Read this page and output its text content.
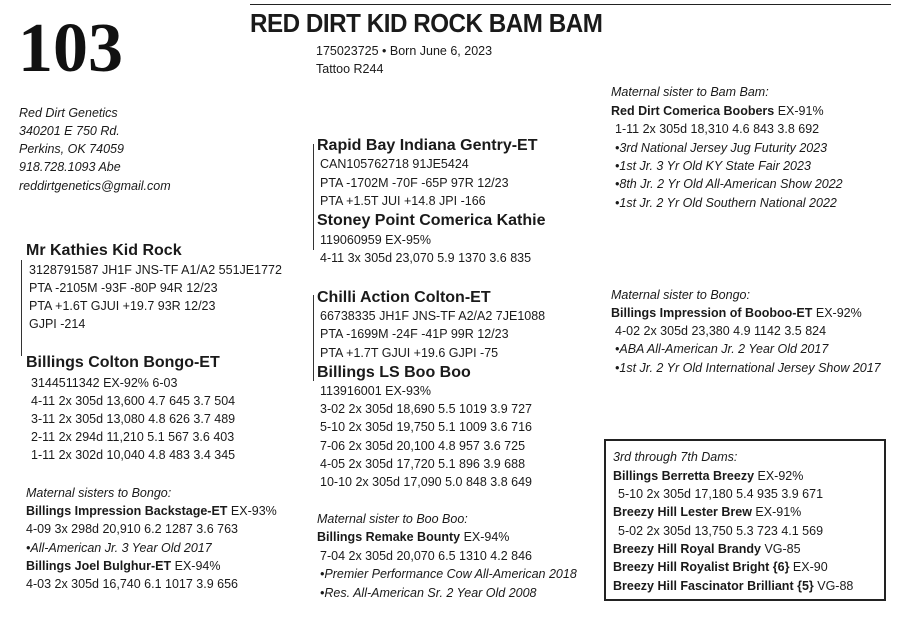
103	RED DIRT KID ROCK BAM BAM
175023725 • Born June 6, 2023
Tattoo R244
Red Dirt Genetics
340201 E 750 Rd.
Perkins, OK 74059
918.728.1093 Abe
reddirtgenetics@gmail.com
Mr Kathies Kid Rock
3128791587 JH1F JNS-TF A1/A2 551JE1772
PTA -2105M -93F -80P 94R 12/23
PTA +1.6T GJUI +19.7 93R 12/23
GJPI -214
Billings Colton Bongo-ET
3144511342 EX-92% 6-03
4-11 2x 305d 13,600 4.7 645 3.7 504
3-11 2x 305d 13,080 4.8 626 3.7 489
2-11 2x 294d 11,210 5.1 567 3.6 403
1-11 2x 302d 10,040 4.8 483 3.4 345
Maternal sisters to Bongo:
Billings Impression Backstage-ET EX-93%
4-09 3x 298d 20,910 6.2 1287 3.6 763
•All-American Jr. 3 Year Old 2017
Billings Joel Bulghur-ET EX-94%
4-03 2x 305d 16,740 6.1 1017 3.9 656
Rapid Bay Indiana Gentry-ET
CAN105762718 91JE5424
PTA -1702M -70F -65P 97R 12/23
PTA +1.5T JUI +14.8 JPI -166
Stoney Point Comerica Kathie
119060959 EX-95%
4-11 3x 305d 23,070 5.9 1370 3.6 835
Chilli Action Colton-ET
66738335 JH1F JNS-TF A2/A2 7JE1088
PTA -1699M -24F -41P 99R 12/23
PTA +1.7T GJUI +19.6 GJPI -75
Billings LS Boo Boo
113916001 EX-93%
3-02 2x 305d 18,690 5.5 1019 3.9 727
5-10 2x 305d 19,750 5.1 1009 3.6 716
7-06 2x 305d 20,100 4.8 957 3.6 725
4-05 2x 305d 17,720 5.1 896 3.9 688
10-10 2x 305d 17,090 5.0 848 3.8 649
Maternal sister to Boo Boo:
Billings Remake Bounty EX-94%
7-04 2x 305d 20,070 6.5 1310 4.2 846
•Premier Performance Cow All-American 2018
•Res. All-American Sr. 2 Year Old 2008
Maternal sister to Bam Bam:
Red Dirt Comerica Boobers EX-91%
1-11 2x 305d 18,310 4.6 843 3.8 692
•3rd National Jersey Jug Futurity 2023
•1st Jr. 3 Yr Old KY State Fair 2023
•8th Jr. 2 Yr Old All-American Show 2022
•1st Jr. 2 Yr Old Southern National 2022
Maternal sister to Bongo:
Billings Impression of Booboo-ET EX-92%
4-02 2x 305d 23,380 4.9 1142 3.5 824
•ABA All-American Jr. 2 Year Old 2017
•1st Jr. 2 Yr Old International Jersey Show 2017
3rd through 7th Dams:
Billings Berretta Breezy EX-92%
5-10 2x 305d 17,180 5.4 935 3.9 671
Breezy Hill Lester Brew EX-91%
5-02 2x 305d 13,750 5.3 723 4.1 569
Breezy Hill Royal Brandy VG-85
Breezy Hill Royalist Bright {6} EX-90
Breezy Hill Fascinator Brilliant {5} VG-88
